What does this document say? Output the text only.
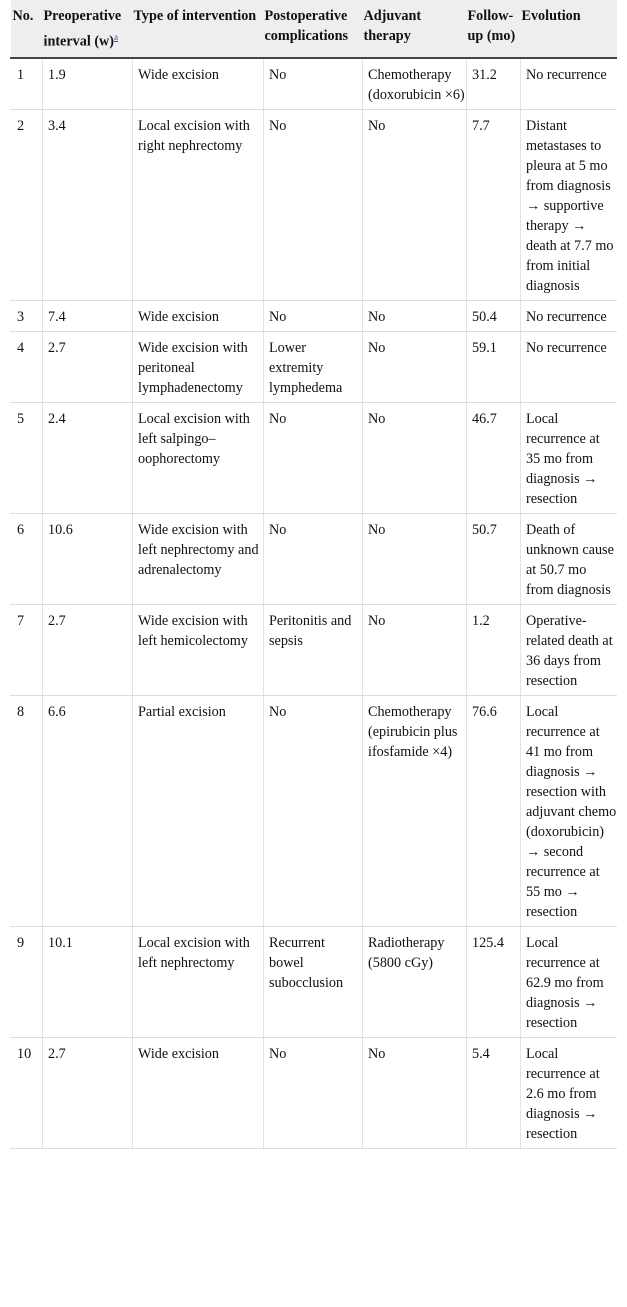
No.	Preoperative interval (w)$^a$	Type of intervention	Postoperative complications	Adjuvant therapy	Follow-up (mo)	Evolution
1	1.9	Wide excision	No	Chemotherapy (doxorubicin ×6)	31.2	No recurrence
2	3.4	Local excision with right nephrectomy	No	No	7.7	Distant metastases to pleura at 5 mo from diagnosis → supportive therapy → death at 7.7 mo from initial diagnosis
3	7.4	Wide excision	No	No	50.4	No recurrence
4	2.7	Wide excision with peritoneal lymphadenectomy	Lower extremity lymphedema	No	59.1	No recurrence
5	2.4	Local excision with left salpingo–oophorectomy	No	No	46.7	Local recurrence at 35 mo from diagnosis → resection
6	10.6	Wide excision with left nephrectomy and adrenalectomy	No	No	50.7	Death of unknown cause at 50.7 mo from diagnosis
7	2.7	Wide excision with left hemicolectomy	Peritonitis and sepsis	No	1.2	Operative-related death at 36 days from resection
8	6.6	Partial excision	No	Chemotherapy (epirubicin plus ifosfamide ×4)	76.6	Local recurrence at 41 mo from diagnosis → resection with adjuvant chemo (doxorubicin) → second recurrence at 55 mo → resection
9	10.1	Local excision with left nephrectomy	Recurrent bowel subocclusion	Radiotherapy (5800 cGy)	125.4	Local recurrence at 62.9 mo from diagnosis → resection
10	2.7	Wide excision	No	No	5.4	Local recurrence at 2.6 mo from diagnosis → resection
